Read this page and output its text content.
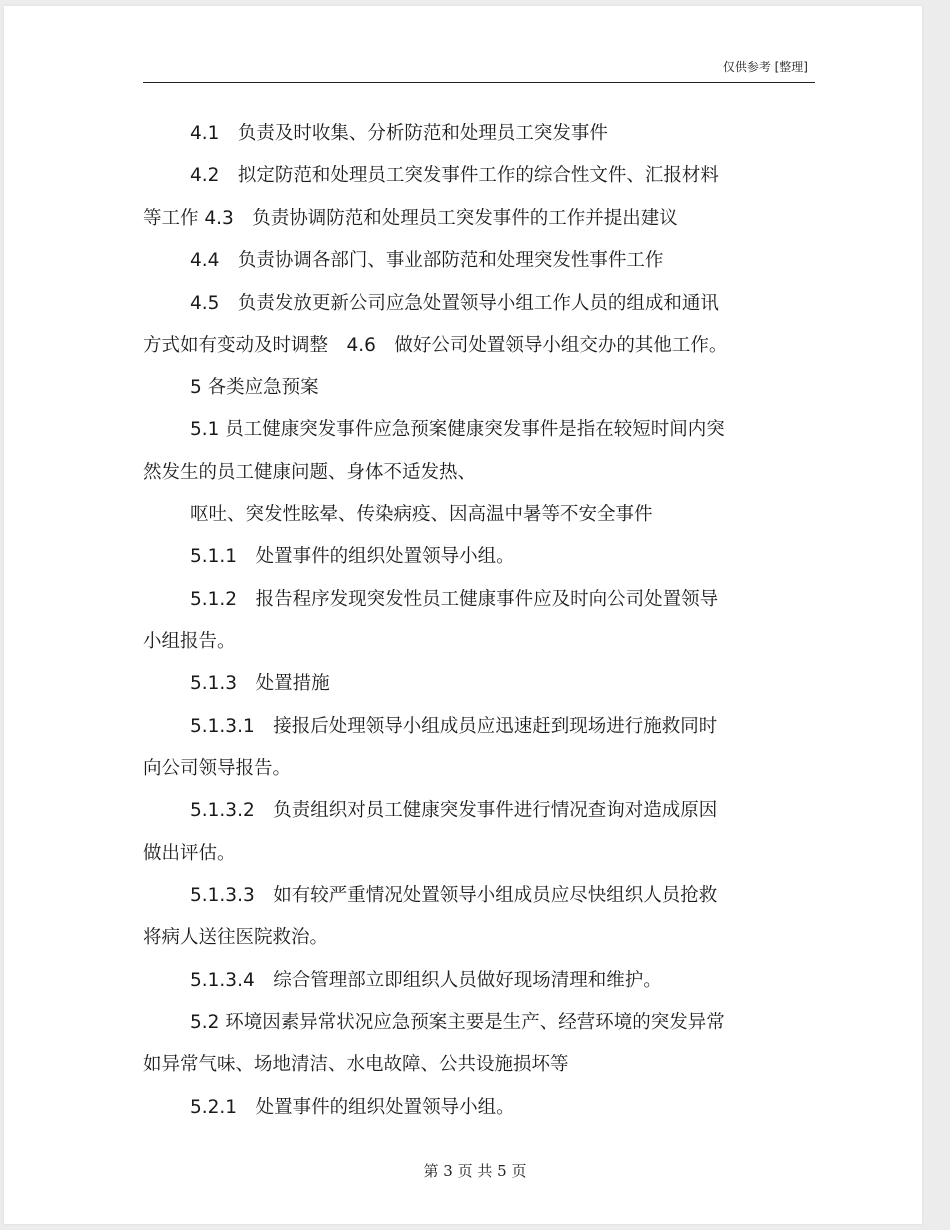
仅供参考 [整理]
4.1　负责及时收集、分析防范和处理员工突发事件
4.2　拟定防范和处理员工突发事件工作的综合性文件、汇报材料
等工作 4.3　负责协调防范和处理员工突发事件的工作并提出建议
4.4　负责协调各部门、事业部防范和处理突发性事件工作
4.5　负责发放更新公司应急处置领导小组工作人员的组成和通讯
方式如有变动及时调整　4.6　做好公司处置领导小组交办的其他工作。
5 各类应急预案
5.1 员工健康突发事件应急预案健康突发事件是指在较短时间内突
然发生的员工健康问题、身体不适发热、
呕吐、突发性眩晕、传染病疫、因高温中暑等不安全事件
5.1.1　处置事件的组织处置领导小组。
5.1.2　报告程序发现突发性员工健康事件应及时向公司处置领导
小组报告。
5.1.3　处置措施
5.1.3.1　接报后处理领导小组成员应迅速赶到现场进行施救同时
向公司领导报告。
5.1.3.2　负责组织对员工健康突发事件进行情况查询对造成原因
做出评估。
5.1.3.3　如有较严重情况处置领导小组成员应尽快组织人员抢救
将病人送往医院救治。
5.1.3.4　综合管理部立即组织人员做好现场清理和维护。
5.2 环境因素异常状况应急预案主要是生产、经营环境的突发异常
如异常气味、场地清洁、水电故障、公共设施损坏等
5.2.1　处置事件的组织处置领导小组。
第 3 页 共 5 页
